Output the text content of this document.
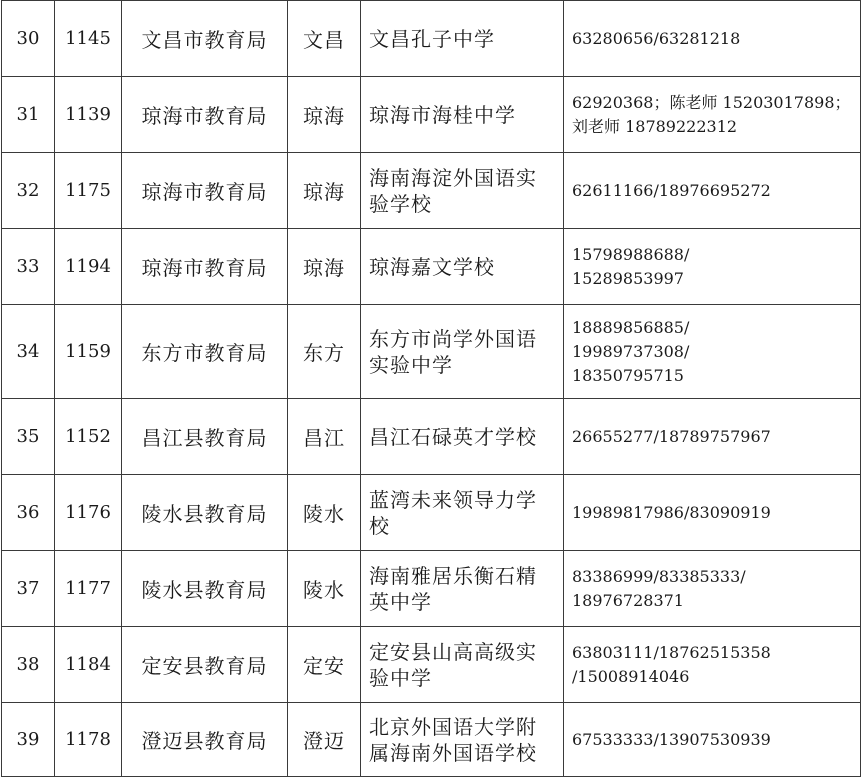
30	1145	文昌市教育局	文昌	文昌孔子中学	63280656/63281218

31	1139	琼海市教育局	琼海	琼海市海桂中学	62920368；陈老师 15203017898；
刘老师 18789222312

32	1175	琼海市教育局	琼海	海南海淀外国语实
验学校	62611166/18976695272

33	1194	琼海市教育局	琼海	琼海嘉文学校	15798988688/
15289853997

34	1159	东方市教育局	东方	东方市尚学外国语
实验中学	18889856885/
19989737308/
18350795715

35	1152	昌江县教育局	昌江	昌江石碌英才学校	26655277/18789757967

36	1176	陵水县教育局	陵水	蓝湾未来领导力学
校	19989817986/83090919

37	1177	陵水县教育局	陵水	海南雅居乐衡石精
英中学	83386999/83385333/
18976728371

38	1184	定安县教育局	定安	定安县山高高级实
验中学	63803111/18762515358
/15008914046

39	1178	澄迈县教育局	澄迈	北京外国语大学附
属海南外国语学校	67533333/13907530939
